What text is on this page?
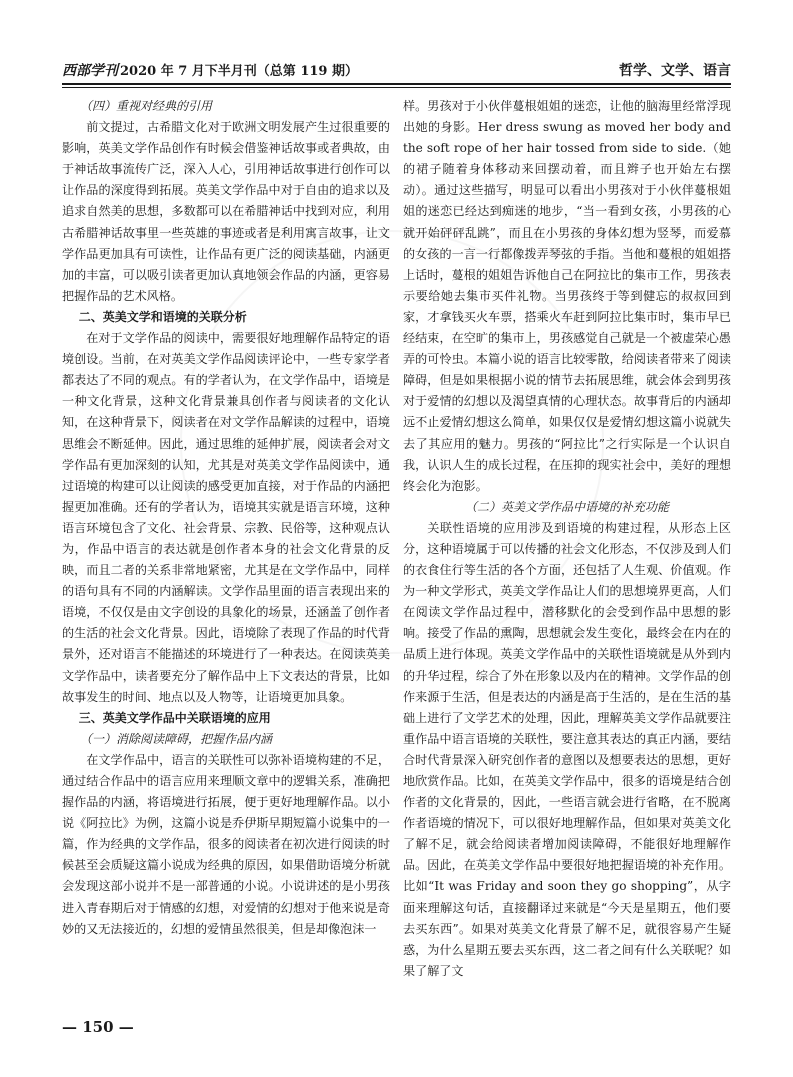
西部学刊 2020 年 7 月下半月刊（总第 119 期）	哲学、文学、语言

（四）重视对经典的引用

前文提过，古希腊文化对于欧洲文明发展产生过很重要的影响，英美文学作品创作有时候会借鉴神话故事或者典故，由于神话故事流传广泛，深入人心，引用神话故事进行创作可以让作品的深度得到拓展。英美文学作品中对于自由的追求以及追求自然美的思想，多数都可以在希腊神话中找到对应，利用古希腊神话故事里一些英雄的事迹或者是利用寓言故事，让文学作品更加具有可读性，让作品有更广泛的阅读基础，内涵更加的丰富，可以吸引读者更加认真地领会作品的内涵，更容易把握作品的艺术风格。

二、英美文学和语境的关联分析

在对于文学作品的阅读中，需要很好地理解作品特定的语境创设。当前，在对英美文学作品阅读评论中，一些专家学者都表达了不同的观点。有的学者认为，在文学作品中，语境是一种文化背景，这种文化背景兼具创作者与阅读者的文化认知，在这种背景下，阅读者在对文学作品解读的过程中，语境思维会不断延伸。因此，通过思维的延伸扩展，阅读者会对文学作品有更加深刻的认知，尤其是对英美文学作品阅读中，通过语境的构建可以让阅读的感受更加直接，对于作品的内涵把握更加准确。还有的学者认为，语境其实就是语言环境，这种语言环境包含了文化、社会背景、宗教、民俗等，这种观点认为，作品中语言的表达就是创作者本身的社会文化背景的反映，而且二者的关系非常地紧密，尤其是在文学作品中，同样的语句具有不同的内涵解读。文学作品里面的语言表现出来的语境，不仅仅是由文字创设的具象化的场景，还涵盖了创作者的生活的社会文化背景。因此，语境除了表现了作品的时代背景外，还对语言不能描述的环境进行了一种表达。在阅读英美文学作品中，读者要充分了解作品中上下文表达的背景，比如故事发生的时间、地点以及人物等，让语境更加具象。

三、英美文学作品中关联语境的应用

（一）消除阅读障碍，把握作品内涵

在文学作品中，语言的关联性可以弥补语境构建的不足，通过结合作品中的语言应用来理顺文章中的逻辑关系，准确把握作品的内涵，将语境进行拓展，便于更好地理解作品。以小说《阿拉比》为例，这篇小说是乔伊斯早期短篇小说集中的一篇，作为经典的文学作品，很多的阅读者在初次进行阅读的时候甚至会质疑这篇小说成为经典的原因，如果借助语境分析就会发现这部小说并不是一部普通的小说。小说讲述的是小男孩进入青春期后对于情感的幻想，对爱情的幻想对于他来说是奇妙的又无法接近的，幻想的爱情虽然很美，但是却像泡沫一

样。男孩对于小伙伴蔓根姐姐的迷恋，让他的脑海里经常浮现出她的身影。Her dress swung as moved her body and the soft rope of her hair tossed from side to side.（她的裙子随着身体移动来回摆动着，而且辫子也开始左右摆动）。通过这些描写，明显可以看出小男孩对于小伙伴蔓根姐姐的迷恋已经达到痴迷的地步，“当一看到女孩，小男孩的心就开始砰砰乱跳”，而且在小男孩的身体幻想为竖琴，而爱慕的女孩的一言一行都像拨弄琴弦的手指。当他和蔓根的姐姐搭上话时，蔓根的姐姐告诉他自己在阿拉比的集市工作，男孩表示要给她去集市买件礼物。当男孩终于等到健忘的叔叔回到家，才拿钱买火车票，搭乘火车赶到阿拉比集市时，集市早已经结束，在空旷的集市上，男孩感觉自己就是一个被虚荣心愚弄的可怜虫。本篇小说的语言比较零散，给阅读者带来了阅读障碍，但是如果根据小说的情节去拓展思维，就会体会到男孩对于爱情的幻想以及渴望真情的心理状态。故事背后的内涵却远不止爱情幻想这么简单，如果仅仅是爱情幻想这篇小说就失去了其应用的魅力。男孩的“阿拉比”之行实际是一个认识自我，认识人生的成长过程，在压抑的现实社会中，美好的理想终会化为泡影。

（二）英美文学作品中语境的补充功能

关联性语境的应用涉及到语境的构建过程，从形态上区分，这种语境属于可以传播的社会文化形态，不仅涉及到人们的衣食住行等生活的各个方面，还包括了人生观、价值观。作为一种文学形式，英美文学作品让人们的思想境界更高，人们在阅读文学作品过程中，潜移默化的会受到作品中思想的影响。接受了作品的熏陶，思想就会发生变化，最终会在内在的品质上进行体现。英美文学作品中的关联性语境就是从外到内的升华过程，综合了外在形象以及内在的精神。文学作品的创作来源于生活，但是表达的内涵是高于生活的，是在生活的基础上进行了文学艺术的处理，因此，理解英美文学作品就要注重作品中语言语境的关联性，要注意其表达的真正内涵，要结合时代背景深入研究创作者的意图以及想要表达的思想，更好地欣赏作品。比如，在英美文学作品中，很多的语境是结合创作者的文化背景的，因此，一些语言就会进行省略，在不脱离作者语境的情况下，可以很好地理解作品，但如果对英美文化了解不足，就会给阅读者增加阅读障碍，不能很好地理解作品。因此，在英美文学作品中要很好地把握语境的补充作用。比如“It was Friday and soon they go shopping”，从字面来理解这句话，直接翻译过来就是“今天是星期五，他们要去买东西”。如果对英美文化背景了解不足，就很容易产生疑惑，为什么星期五要去买东西，这二者之间有什么关联呢？如果了解了文

— 150 —
